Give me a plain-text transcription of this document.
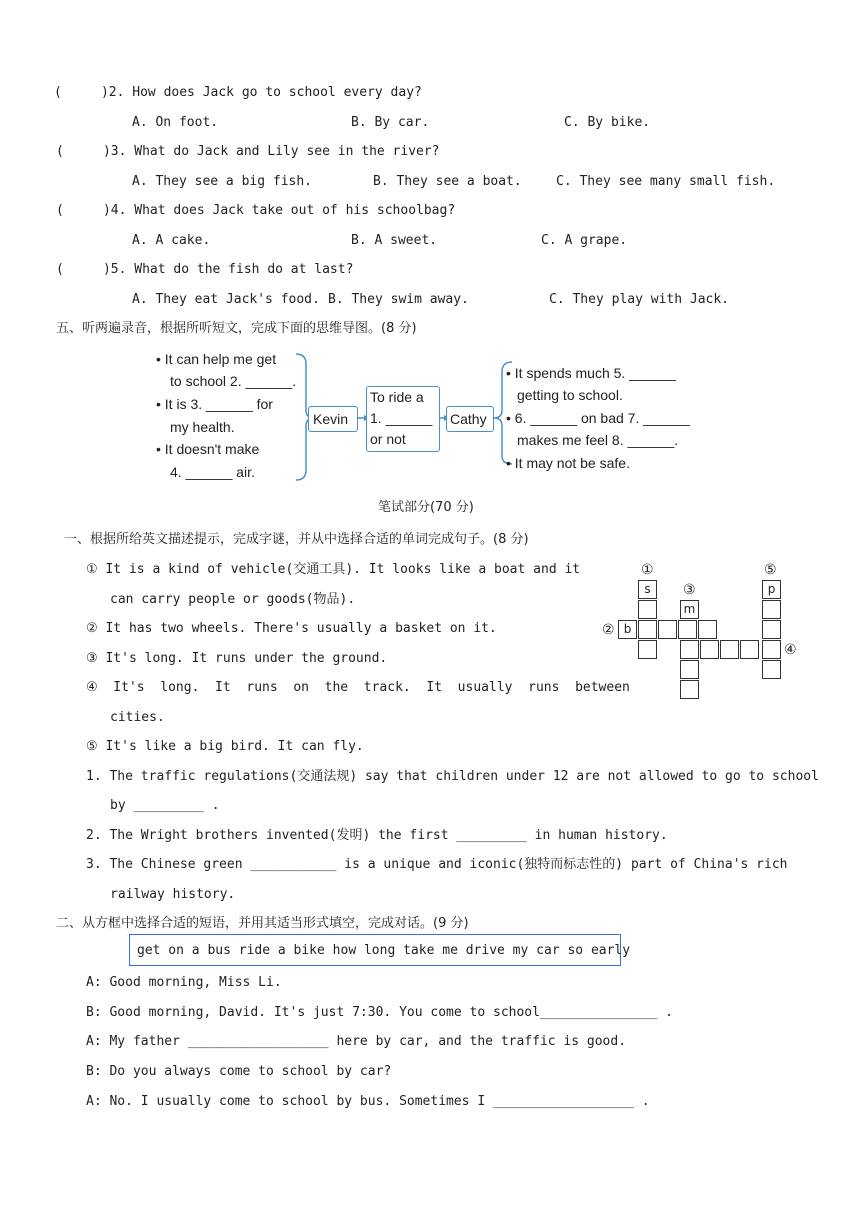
(     )2. How does Jack go to school every day?
A. On foot.	B. By car.	C. By bike.
(     )3. What do Jack and Lily see in the river?
A. They see a big fish.	B. They see a boat.	C. They see many small fish.
(     )4. What does Jack take out of his schoolbag?
A. A cake.	B. A sweet.	C. A grape.
(     )5. What do the fish do at last?
A. They eat Jack's food. B. They swim away.	C. They play with Jack.
五、听两遍录音，根据所听短文，完成下面的思维导图。(8 分)
• It can help me get
to school 2. ______.
• It is 3. ______ for
my health.
• It doesn't make
4. ______ air.
Kevin
To ride a
1. ______
or not
Cathy
• It spends much 5. ______
getting to school.
• 6. ______ on bad 7. ______
makes me feel 8. ______.
• It may not be safe.
笔试部分(70 分)
一、根据所给英文描述提示，完成字谜，并从中选择合适的单词完成句子。(8 分)
① It is a kind of vehicle(交通工具). It looks like a boat and it
can carry people or goods(物品).
② It has two wheels. There's usually a basket on it.
③ It's long. It runs under the ground.
④  It's  long.  It  runs  on  the  track.  It  usually  runs  between
cities.
⑤ It's like a big bird. It can fly.
①
③
⑤
②
④
s
b
m
p
1. The traffic regulations(交通法规) say that children under 12 are not allowed to go to school
by _________ .
2. The Wright brothers invented(发明) the first _________ in human history.
3. The Chinese green ___________ is a unique and iconic(独特而标志性的) part of China's rich
railway history.
二、从方框中选择合适的短语，并用其适当形式填空，完成对话。(9 分)
get on a bus ride a bike how long take me drive my car so early
A: Good morning, Miss Li.
B: Good morning, David. It's just 7:30. You come to school_______________ .
A: My father __________________ here by car, and the traffic is good.
B: Do you always come to school by car?
A: No. I usually come to school by bus. Sometimes I __________________ .
